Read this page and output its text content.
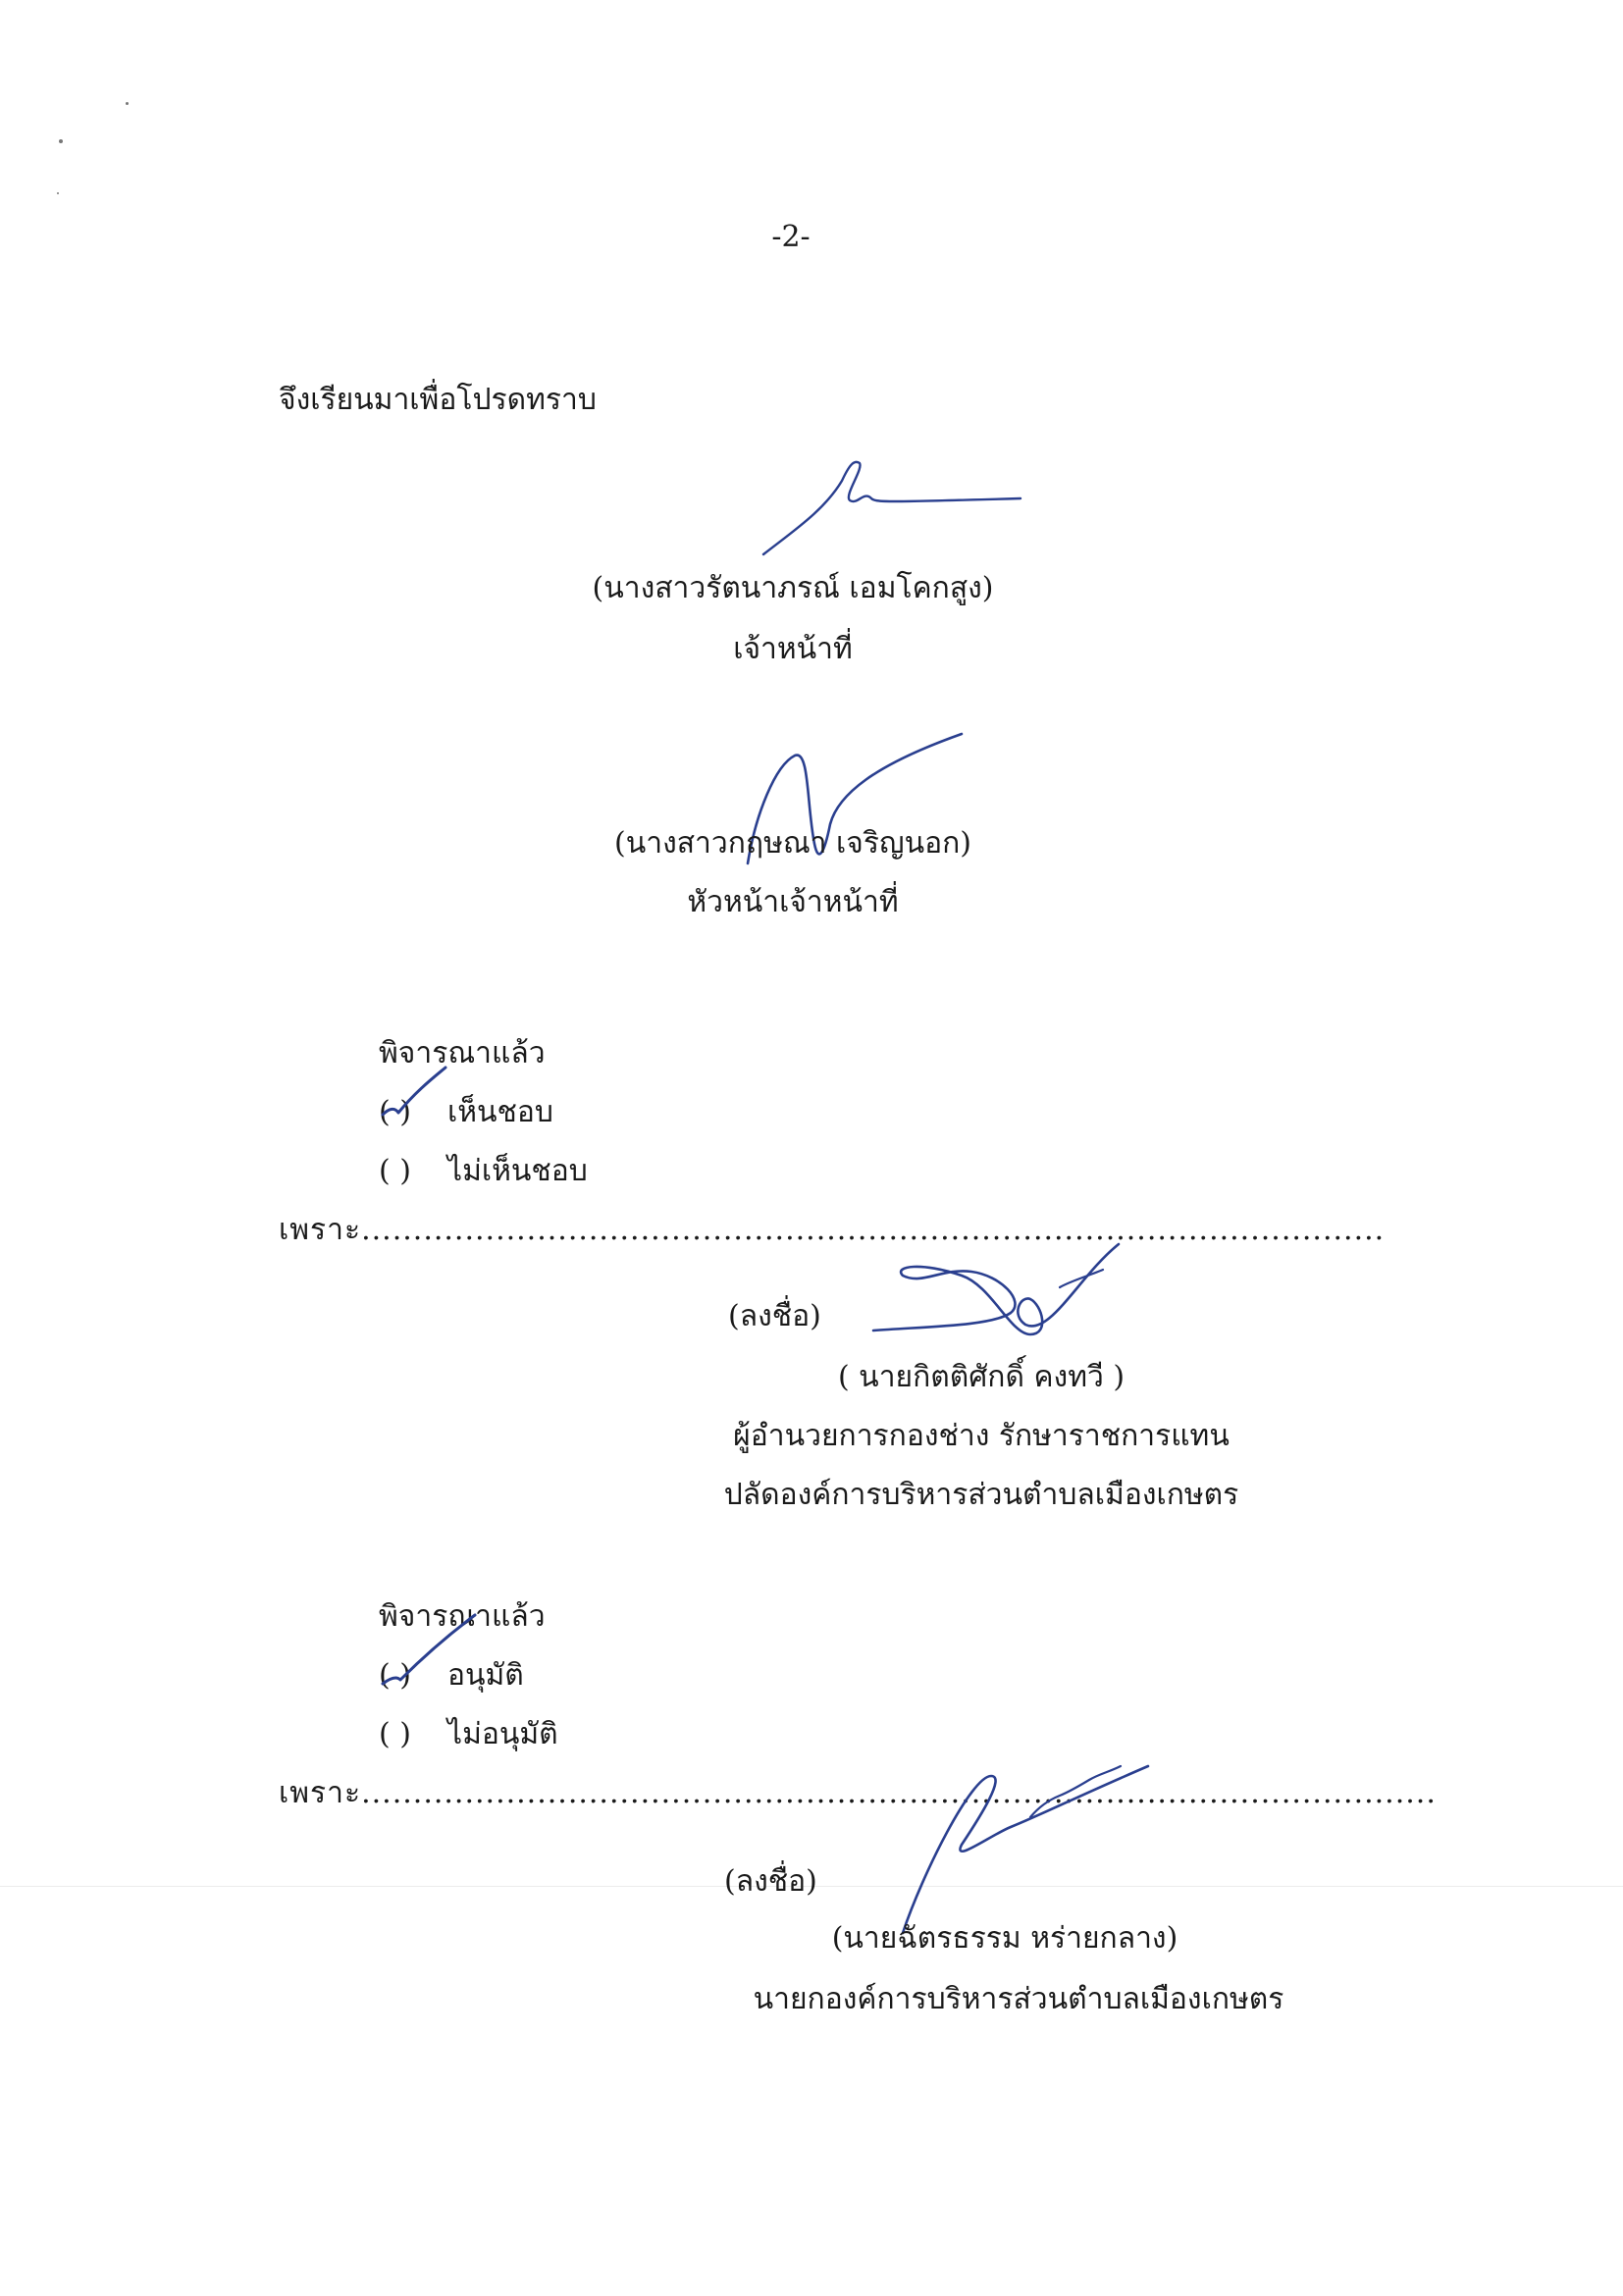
-2-
จึงเรียนมาเพื่อโปรดทราบ
(นางสาวรัตนาภรณ์ เอมโคกสูง)
เจ้าหน้าที่
(นางสาวกฤษณา เจริญนอก)
หัวหน้าเจ้าหน้าที่
พิจารณาแล้ว
( ) เห็นชอบ
( ) ไม่เห็นชอบ
เพราะ...................................................................................................
(ลงชื่อ)
( นายกิตติศักดิ์ คงทวี )
ผู้อำนวยการกองช่าง รักษาราชการแทน
ปลัดองค์การบริหารส่วนตำบลเมืองเกษตร
พิจารณาแล้ว
( ) อนุมัติ
( ) ไม่อนุมัติ
เพราะ........................................................................................................
(ลงชื่อ)
(นายฉัตรธรรม หร่ายกลาง)
นายกองค์การบริหารส่วนตำบลเมืองเกษตร
